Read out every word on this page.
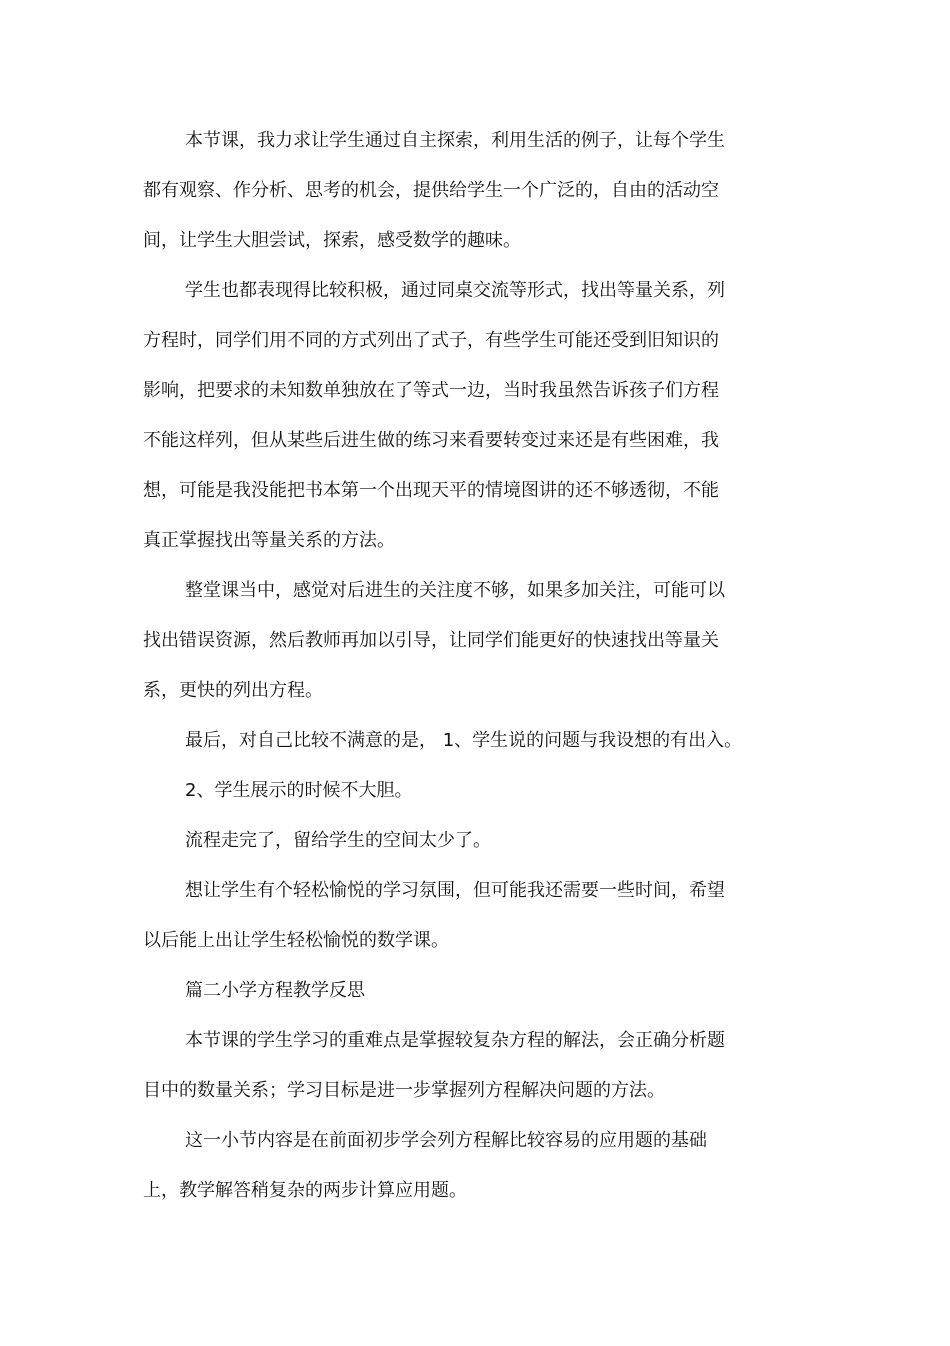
本节课，我力求让学生通过自主探索，利用生活的例子，让每个学生
都有观察、作分析、思考的机会，提供给学生一个广泛的，自由的活动空
间，让学生大胆尝试，探索，感受数学的趣味。
学生也都表现得比较积极，通过同桌交流等形式，找出等量关系，列
方程时，同学们用不同的方式列出了式子，有些学生可能还受到旧知识的
影响，把要求的未知数单独放在了等式一边，当时我虽然告诉孩子们方程
不能这样列，但从某些后进生做的练习来看要转变过来还是有些困难，我
想，可能是我没能把书本第一个出现天平的情境图讲的还不够透彻，不能
真正掌握找出等量关系的方法。
整堂课当中，感觉对后进生的关注度不够，如果多加关注，可能可以
找出错误资源，然后教师再加以引导，让同学们能更好的快速找出等量关
系，更快的列出方程。
最后，对自己比较不满意的是， 1、学生说的问题与我设想的有出入。
2、学生展示的时候不大胆。
流程走完了，留给学生的空间太少了。
想让学生有个轻松愉悦的学习氛围，但可能我还需要一些时间，希望
以后能上出让学生轻松愉悦的数学课。
篇二小学方程教学反思
本节课的学生学习的重难点是掌握较复杂方程的解法，会正确分析题
目中的数量关系；学习目标是进一步掌握列方程解决问题的方法。
这一小节内容是在前面初步学会列方程解比较容易的应用题的基础
上，教学解答稍复杂的两步计算应用题。
